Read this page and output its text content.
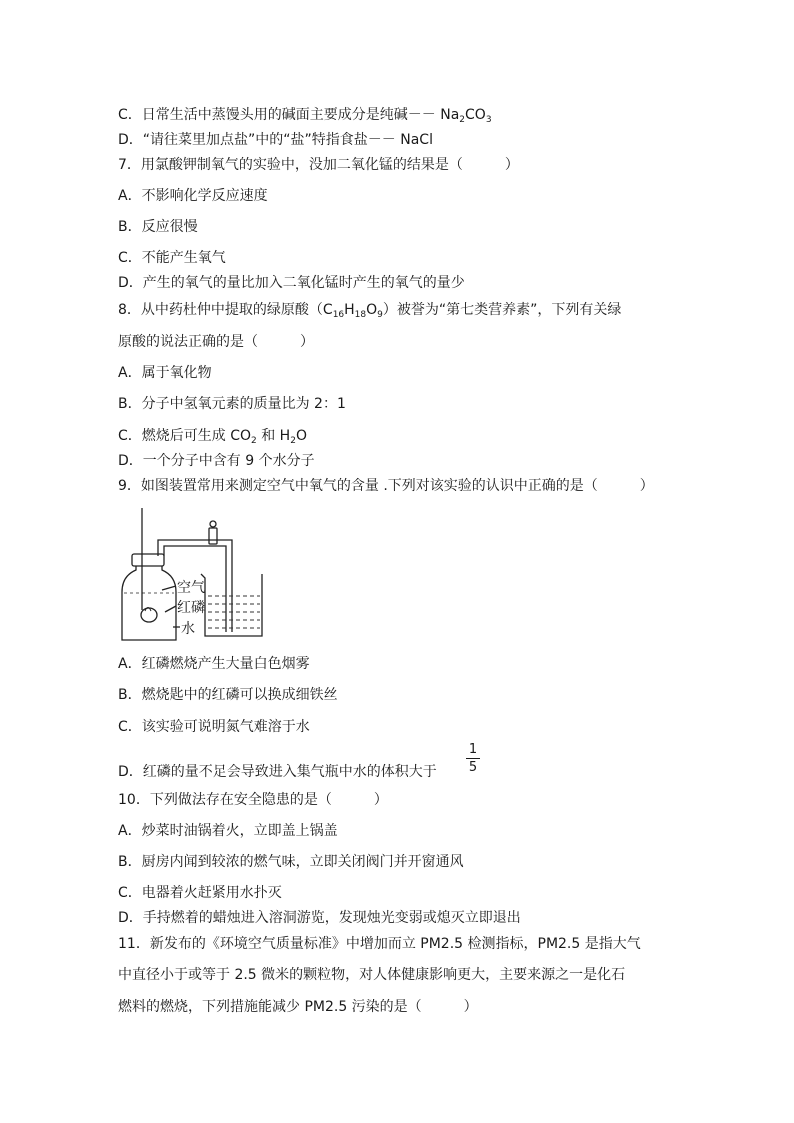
C．日常生活中蒸馒头用的碱面主要成分是纯碱－－ $Na_2CO_3$
D．“请往菜里加点盐”中的“盐”特指食盐－－ NaCl
7．用氯酸钾制氧气的实验中，没加二氧化锰的结果是（　　　）
A．不影响化学反应速度
B．反应很慢
C．不能产生氧气
D．产生的氧气的量比加入二氧化锰时产生的氧气的量少
8．从中药杜仲中提取的绿原酸$(C_{16}H_{18}O_9)$被誉为“第七类营养素”，下列有关绿
原酸的说法正确的是（　　　）
A．属于氧化物
B．分子中氢氧元素的质量比为 2：1
C．燃烧后可生成 $CO_2$ 和 $H_2O$
D．一个分子中含有 9 个水分子
9．如图装置常用来测定空气中氧气的含量 .下列对该实验的认识中正确的是（　　　）
空气
红磷
水
A．红磷燃烧产生大量白色烟雾
B．燃烧匙中的红磷可以换成细铁丝
C．该实验可说明氮气难溶于水
D．红磷的量不足会导致进入集气瓶中水的体积大于
1
5
10．下列做法存在安全隐患的是（　　　）
A．炒菜时油锅着火，立即盖上锅盖
B．厨房内闻到较浓的燃气味，立即关闭阀门并开窗通风
C．电器着火赶紧用水扑灭
D．手持燃着的蜡烛进入溶洞游览，发现烛光变弱或熄灭立即退出
11．新发布的《环境空气质量标准》中增加而立 PM2.5 检测指标，PM2.5 是指大气
中直径小于或等于 2.5 微米的颗粒物，对人体健康影响更大，主要来源之一是化石
燃料的燃烧，下列措施能减少 PM2.5 污染的是（　　　）
